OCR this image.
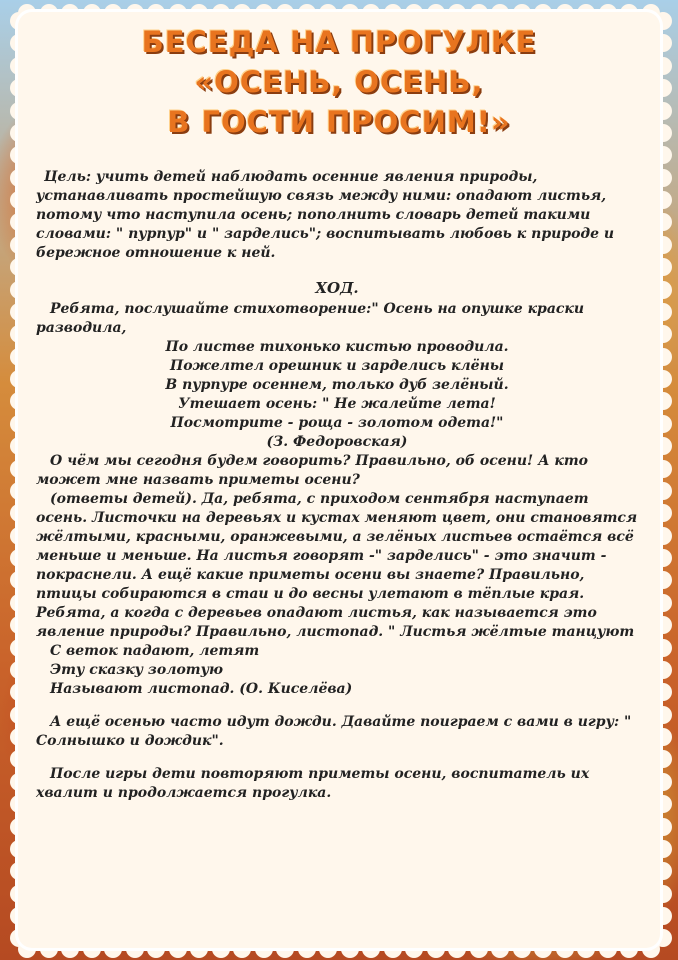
БЕСЕДА НА ПРОГУЛКЕ
«ОСЕНЬ, ОСЕНЬ,
В ГОСТИ ПРОСИМ!»

Цель: учить детей наблюдать осенние явления природы, устанавливать простейшую связь между ними: опадают листья, потому что наступила осень; пополнить словарь детей такими словами: " пурпур" и " зарделись"; воспитывать любовь к природе и бережное отношение к ней.

ХОД.

Ребята, послушайте стихотворение:" Осень на опушке краски разводила,

По листве тихонько кистью проводила.

Пожелтел орешник и зарделись клёны

В пурпуре осеннем, только дуб зелёный.

Утешает осень: " Не жалейте лета!

Посмотрите - роща - золотом одета!"

(З. Федоровская)

О чём мы сегодня будем говорить? Правильно, об осени! А кто может мне назвать приметы осени?

(ответы детей). Да, ребята, с приходом сентября наступает осень. Листочки на деревьях и кустах меняют цвет, они становятся жёлтыми, красными, оранжевыми, а зелёных листьев остаётся всё меньше и меньше. На листья говорят -" зарделись" - это значит - покраснели. А ещё какие приметы осени вы знаете? Правильно, птицы собираются в стаи и до весны улетают в тёплые края. Ребята, а когда с деревьев опадают листья, как называется это явление природы? Правильно, листопад. " Листья жёлтые танцуют

С веток падают, летят

Эту сказку золотую

Называют листопад. (О. Киселёва)

А ещё осенью часто идут дожди. Давайте поиграем с вами в игру: " Солнышко и дождик".

После игры дети повторяют приметы осени, воспитатель их хвалит и продолжается прогулка.
